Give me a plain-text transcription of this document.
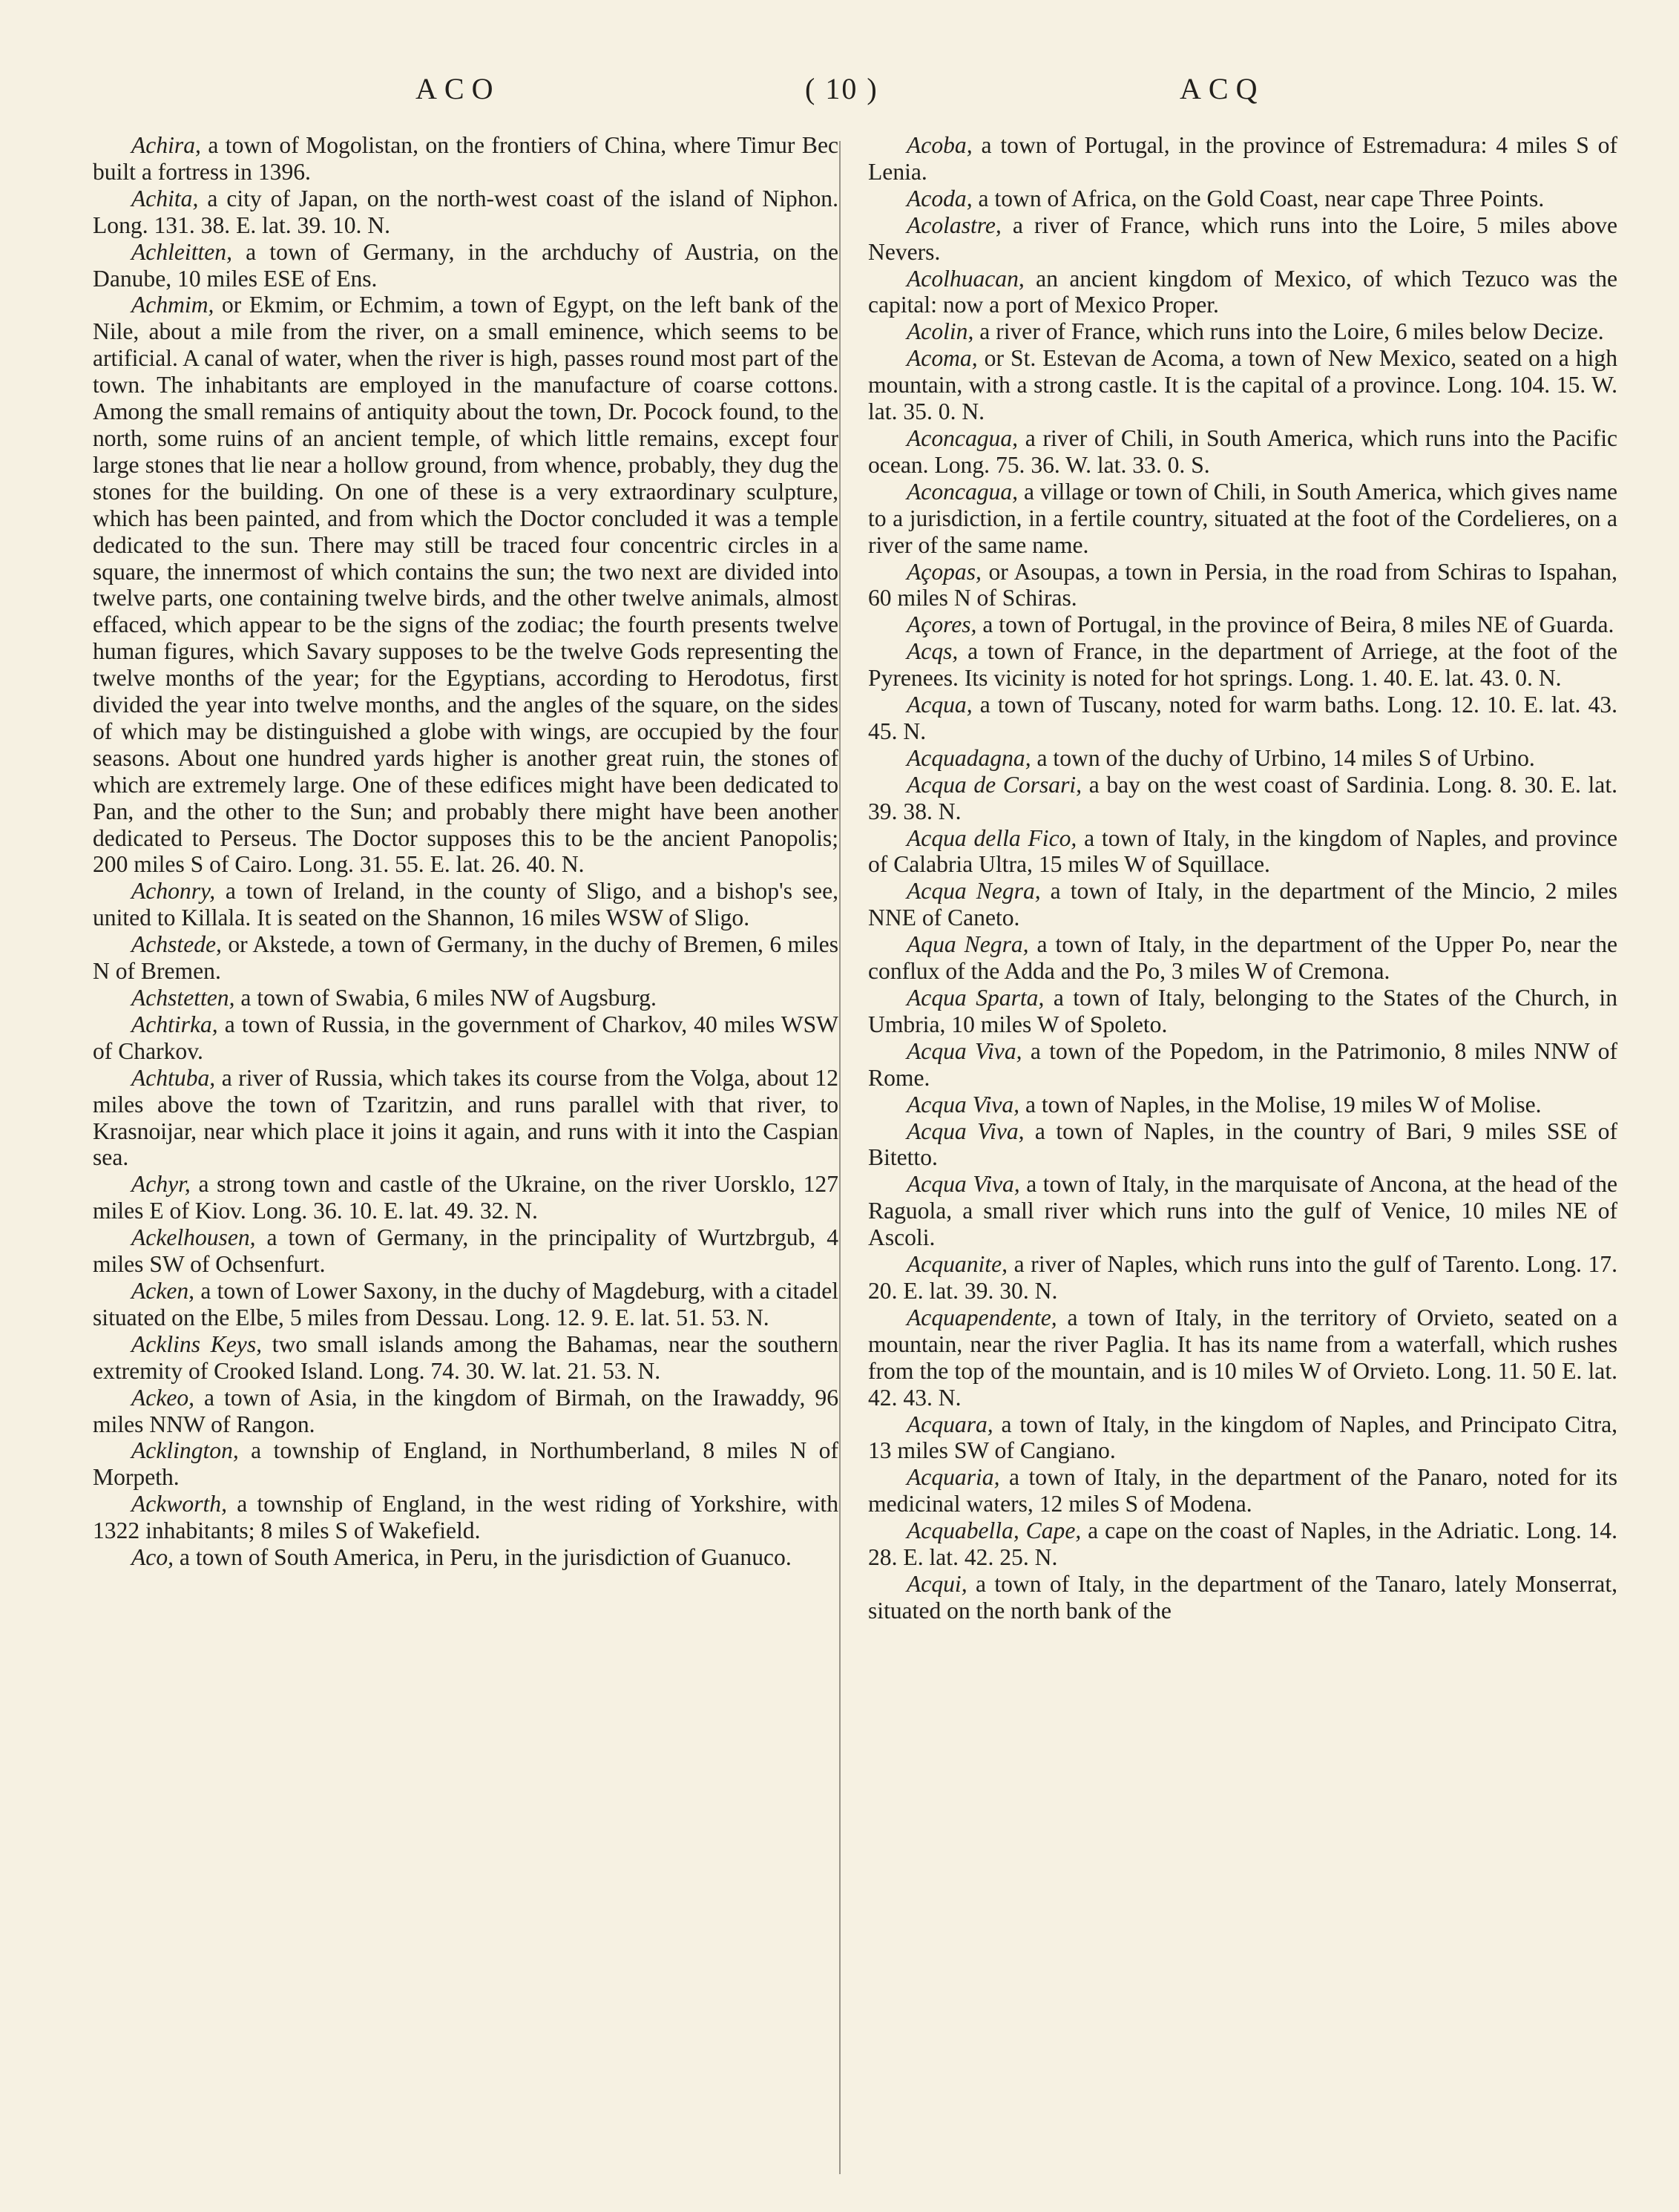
ACO	( 10 )	ACQ

Achira, a town of Mogolistan, on the frontiers of China, where Timur Bec built a fortress in 1396.

Achita, a city of Japan, on the north-west coast of the island of Niphon. Long. 131. 38. E. lat. 39. 10. N.

Achleitten, a town of Germany, in the archduchy of Austria, on the Danube, 10 miles ESE of Ens.

Achmim, or Ekmim, or Echmim, a town of Egypt, on the left bank of the Nile, about a mile from the river, on a small eminence, which seems to be artificial. A canal of water, when the river is high, passes round most part of the town. The inhabitants are employed in the manufacture of coarse cottons. Among the small remains of antiquity about the town, Dr. Pocock found, to the north, some ruins of an ancient temple, of which little remains, except four large stones that lie near a hollow ground, from whence, probably, they dug the stones for the building. On one of these is a very extraordinary sculpture, which has been painted, and from which the Doctor concluded it was a temple dedicated to the sun. There may still be traced four concentric circles in a square, the innermost of which contains the sun; the two next are divided into twelve parts, one containing twelve birds, and the other twelve animals, almost effaced, which appear to be the signs of the zodiac; the fourth presents twelve human figures, which Savary supposes to be the twelve Gods representing the twelve months of the year; for the Egyptians, according to Herodotus, first divided the year into twelve months, and the angles of the square, on the sides of which may be distinguished a globe with wings, are occupied by the four seasons. About one hundred yards higher is another great ruin, the stones of which are extremely large. One of these edifices might have been dedicated to Pan, and the other to the Sun; and probably there might have been another dedicated to Perseus. The Doctor supposes this to be the ancient Panopolis; 200 miles S of Cairo. Long. 31. 55. E. lat. 26. 40. N.

Achonry, a town of Ireland, in the county of Sligo, and a bishop's see, united to Killala. It is seated on the Shannon, 16 miles WSW of Sligo.

Achstede, or Akstede, a town of Germany, in the duchy of Bremen, 6 miles N of Bremen.

Achstetten, a town of Swabia, 6 miles NW of Augsburg.

Achtirka, a town of Russia, in the government of Charkov, 40 miles WSW of Charkov.

Achtuba, a river of Russia, which takes its course from the Volga, about 12 miles above the town of Tzaritzin, and runs parallel with that river, to Krasnoijar, near which place it joins it again, and runs with it into the Caspian sea.

Achyr, a strong town and castle of the Ukraine, on the river Uorsklo, 127 miles E of Kiov. Long. 36. 10. E. lat. 49. 32. N.

Ackelhousen, a town of Germany, in the principality of Wurtzbrgub, 4 miles SW of Ochsenfurt.

Acken, a town of Lower Saxony, in the duchy of Magdeburg, with a citadel situated on the Elbe, 5 miles from Dessau. Long. 12. 9. E. lat. 51. 53. N.

Acklins Keys, two small islands among the Bahamas, near the southern extremity of Crooked Island. Long. 74. 30. W. lat. 21. 53. N.

Ackeo, a town of Asia, in the kingdom of Birmah, on the Irawaddy, 96 miles NNW of Rangon.

Acklington, a township of England, in Northumberland, 8 miles N of Morpeth.

Ackworth, a township of England, in the west riding of Yorkshire, with 1322 inhabitants; 8 miles S of Wakefield.

Aco, a town of South America, in Peru, in the jurisdiction of Guanuco.

Acoba, a town of Portugal, in the province of Estremadura: 4 miles S of Lenia.

Acoda, a town of Africa, on the Gold Coast, near cape Three Points.

Acolastre, a river of France, which runs into the Loire, 5 miles above Nevers.

Acolhuacan, an ancient kingdom of Mexico, of which Tezuco was the capital: now a port of Mexico Proper.

Acolin, a river of France, which runs into the Loire, 6 miles below Decize.

Acoma, or St. Estevan de Acoma, a town of New Mexico, seated on a high mountain, with a strong castle. It is the capital of a province. Long. 104. 15. W. lat. 35. 0. N.

Aconcagua, a river of Chili, in South America, which runs into the Pacific ocean. Long. 75. 36. W. lat. 33. 0. S.

Aconcagua, a village or town of Chili, in South America, which gives name to a jurisdiction, in a fertile country, situated at the foot of the Cordelieres, on a river of the same name.

Açopas, or Asoupas, a town in Persia, in the road from Schiras to Ispahan, 60 miles N of Schiras.

Açores, a town of Portugal, in the province of Beira, 8 miles NE of Guarda.

Acqs, a town of France, in the department of Arriege, at the foot of the Pyrenees. Its vicinity is noted for hot springs. Long. 1. 40. E. lat. 43. 0. N.

Acqua, a town of Tuscany, noted for warm baths. Long. 12. 10. E. lat. 43. 45. N.

Acquadagna, a town of the duchy of Urbino, 14 miles S of Urbino.

Acqua de Corsari, a bay on the west coast of Sardinia. Long. 8. 30. E. lat. 39. 38. N.

Acqua della Fico, a town of Italy, in the kingdom of Naples, and province of Calabria Ultra, 15 miles W of Squillace.

Acqua Negra, a town of Italy, in the department of the Mincio, 2 miles NNE of Caneto.

Aqua Negra, a town of Italy, in the department of the Upper Po, near the conflux of the Adda and the Po, 3 miles W of Cremona.

Acqua Sparta, a town of Italy, belonging to the States of the Church, in Umbria, 10 miles W of Spoleto.

Acqua Viva, a town of the Popedom, in the Patrimonio, 8 miles NNW of Rome.

Acqua Viva, a town of Naples, in the Molise, 19 miles W of Molise.

Acqua Viva, a town of Naples, in the country of Bari, 9 miles SSE of Bitetto.

Acqua Viva, a town of Italy, in the marquisate of Ancona, at the head of the Raguola, a small river which runs into the gulf of Venice, 10 miles NE of Ascoli.

Acquanite, a river of Naples, which runs into the gulf of Tarento. Long. 17. 20. E. lat. 39. 30. N.

Acquapendente, a town of Italy, in the territory of Orvieto, seated on a mountain, near the river Paglia. It has its name from a waterfall, which rushes from the top of the mountain, and is 10 miles W of Orvieto. Long. 11. 50 E. lat. 42. 43. N.

Acquara, a town of Italy, in the kingdom of Naples, and Principato Citra, 13 miles SW of Cangiano.

Acquaria, a town of Italy, in the department of the Panaro, noted for its medicinal waters, 12 miles S of Modena.

Acquabella, Cape, a cape on the coast of Naples, in the Adriatic. Long. 14. 28. E. lat. 42. 25. N.

Acqui, a town of Italy, in the department of the Tanaro, lately Monserrat, situated on the north bank of the
